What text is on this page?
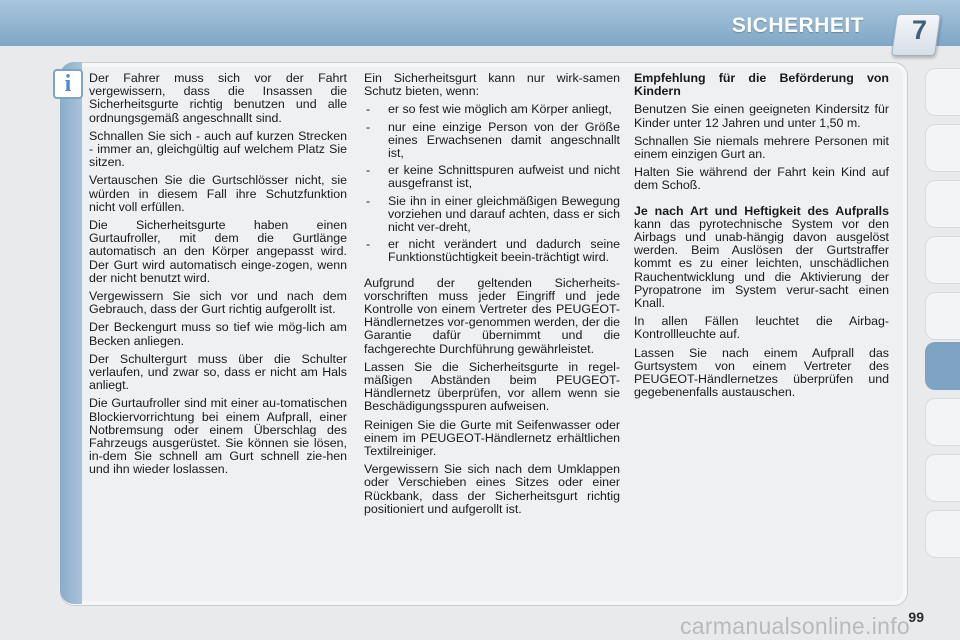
SICHERHEIT 7
i	Der Fahrer muss sich vor der Fahrt vergewissern, dass die Insassen die Sicherheitsgurte richtig benutzen und alle ordnungsgemäß angeschnallt sind.

Schnallen Sie sich - auch auf kurzen Strecken - immer an, gleichgültig auf welchem Platz Sie sitzen.

Vertauschen Sie die Gurtschlösser nicht, sie würden in diesem Fall ihre Schutzfunktion nicht voll erfüllen.

Die Sicherheitsgurte haben einen Gurtaufroller, mit dem die Gurtlänge automatisch an den Körper angepasst wird. Der Gurt wird automatisch einge-zogen, wenn der nicht benutzt wird.

Vergewissern Sie sich vor und nach dem Gebrauch, dass der Gurt richtig aufgerollt ist.

Der Beckengurt muss so tief wie mög-lich am Becken anliegen.

Der Schultergurt muss über die Schulter verlaufen, und zwar so, dass er nicht am Hals anliegt.

Die Gurtaufroller sind mit einer au-tomatischen Blockiervorrichtung bei einem Aufprall, einer Notbremsung oder einem Überschlag des Fahrzeugs ausgerüstet. Sie können sie lösen, in-dem Sie schnell am Gurt schnell zie-hen und ihn wieder loslassen.

Ein Sicherheitsgurt kann nur wirk-samen Schutz bieten, wenn:

- er so fest wie möglich am Körper anliegt,
- nur eine einzige Person von der Größe eines Erwachsenen damit angeschnallt ist,
- er keine Schnittspuren aufweist und nicht ausgefranst ist,
- Sie ihn in einer gleichmäßigen Bewegung vorziehen und darauf achten, dass er sich nicht ver-dreht,
- er nicht verändert und dadurch seine Funktionstüchtigkeit beein-trächtigt wird.

Aufgrund der geltenden Sicherheits-vorschriften muss jeder Eingriff und jede Kontrolle von einem Vertreter des PEUGEOT-Händlernetzes vor-genommen werden, der die Garantie dafür übernimmt und die fachgerechte Durchführung gewährleistet.

Lassen Sie die Sicherheitsgurte in regel-mäßigen Abständen beim PEUGEOT-Händlernetz überprüfen, vor allem wenn sie Beschädigungsspuren aufweisen.

Reinigen Sie die Gurte mit Seifenwasser oder einem im PEUGEOT-Händlernetz erhältlichen Textilreiniger.

Vergewissern Sie sich nach dem Umklappen oder Verschieben eines Sitzes oder einer Rückbank, dass der Sicherheitsgurt richtig positioniert und aufgerollt ist.

Empfehlung für die Beförderung von Kindern

Benutzen Sie einen geeigneten Kindersitz für Kinder unter 12 Jahren und unter 1,50 m.

Schnallen Sie niemals mehrere Personen mit einem einzigen Gurt an.

Halten Sie während der Fahrt kein Kind auf dem Schoß.

Je nach Art und Heftigkeit des Aufpralls kann das pyrotechnische System vor den Airbags und unab-hängig davon ausgelöst werden. Beim Auslösen der Gurtstraffer kommt es zu einer leichten, unschädlichen Rauchentwicklung und die Aktivierung der Pyropatrone im System verur-sacht einen Knall.

In allen Fällen leuchtet die Airbag-Kontrollleuchte auf.

Lassen Sie nach einem Aufprall das Gurtsystem von einem Vertreter des PEUGEOT-Händlernetzes überprüfen und gegebenenfalls austauschen.

carmanualsonline.info
99
